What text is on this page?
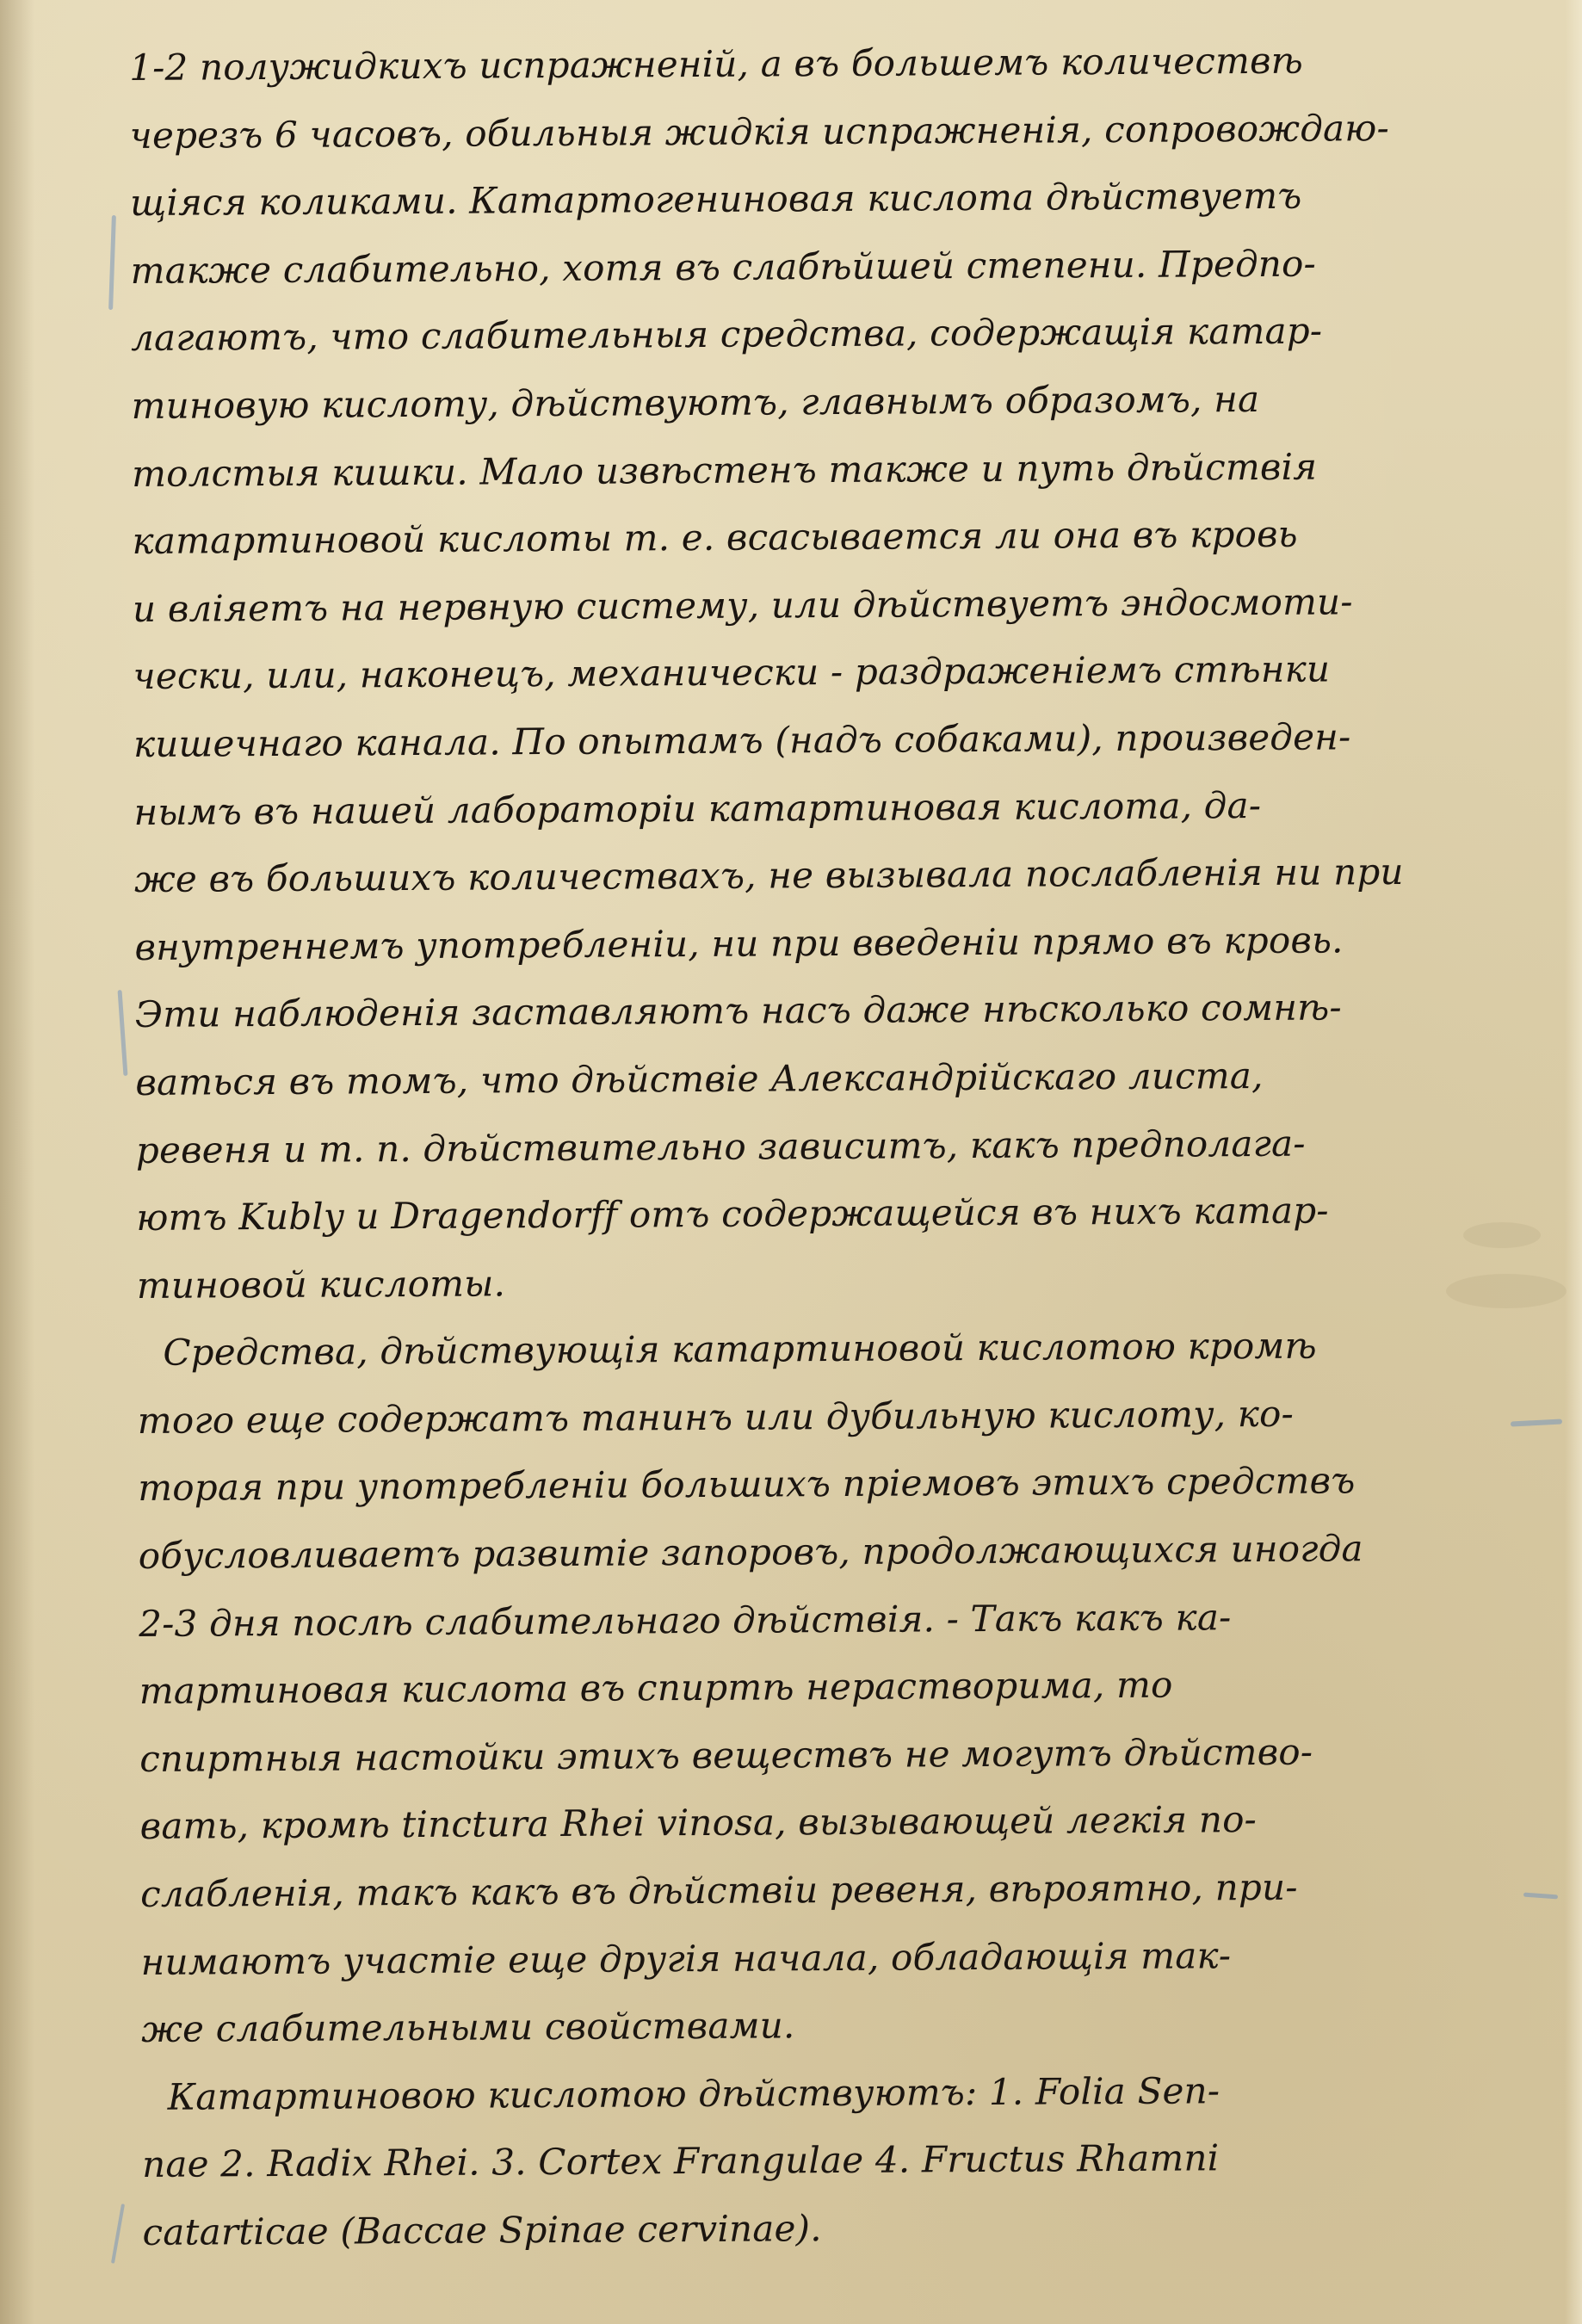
1-2 полужидкихъ испражненій, а въ большемъ количествѣ
черезъ 6 часовъ, обильныя жидкія испражненія, сопровождаю-
щіяся коликами. Катартогениновая кислота дѣйствуетъ
также слабительно, хотя въ слабѣйшей степени. Предпо-
лагаютъ, что слабительныя средства, содержащія катар-
тиновую кислоту, дѣйствуютъ, главнымъ образомъ, на
толстыя кишки. Мало извѣстенъ также и путь дѣйствія
катартиновой кислоты т. е. всасывается ли она въ кровь
и вліяетъ на нервную систему, или дѣйствуетъ эндосмоти-
чески, или, наконецъ, механически - раздраженіемъ стѣнки
кишечнаго канала. По опытамъ (надъ собаками), произведен-
нымъ въ нашей лабораторіи катартиновая кислота, да-
же въ большихъ количествахъ, не вызывала послабленія ни при
внутреннемъ употребленіи, ни при введеніи прямо въ кровь.
Эти наблюденія заставляютъ насъ даже нѣсколько сомнѣ-
ваться въ томъ, что дѣйствіе Александрійскаго листа,
ревеня и т. п. дѣйствительно зависитъ, какъ предполага-
ютъ Kubly и Dragendorff отъ содержащейся въ нихъ катар-
тиновой кислоты.
Средства, дѣйствующія катартиновой кислотою кромѣ
того еще содержатъ танинъ или дубильную кислоту, ко-
торая при употребленіи большихъ пріемовъ этихъ средствъ
обусловливаетъ развитіе запоровъ, продолжающихся иногда
2-3 дня послѣ слабительнаго дѣйствія. - Такъ какъ ка-
тартиновая кислота въ спиртѣ нерастворима, то
спиртныя настойки этихъ веществъ не могутъ дѣйство-
вать, кромѣ tinctura Rhei vinosa, вызывающей легкія по-
слабленія, такъ какъ въ дѣйствіи ревеня, вѣроятно, при-
нимаютъ участіе еще другія начала, обладающія так-
же слабительными свойствами.
Катартиновою кислотою дѣйствуютъ: 1. Folia Sen-
nae 2. Radix Rhei. 3. Cortex Frangulae 4. Fructus Rhamni
catarticae (Baccae Spinae cervinae).
